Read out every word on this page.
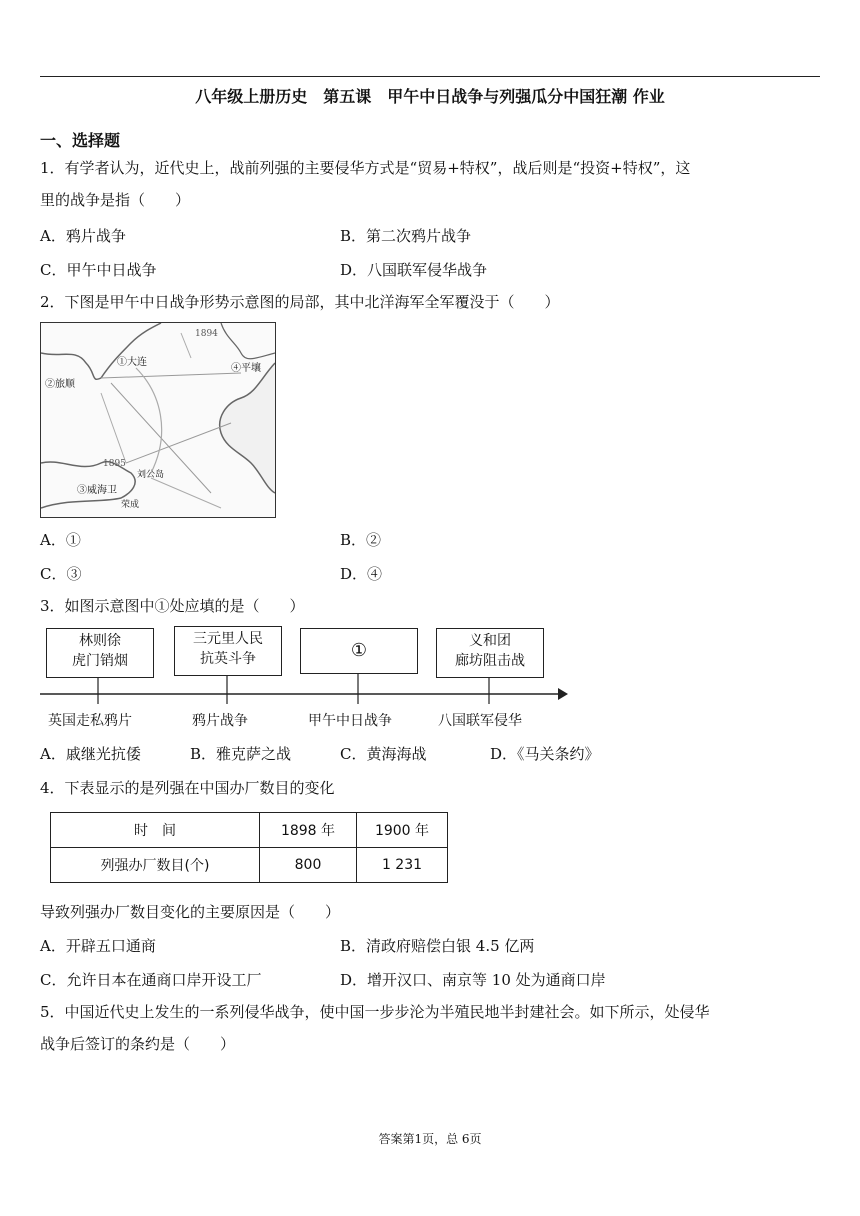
八年级上册历史　第五课　甲午中日战争与列强瓜分中国狂潮 作业
一、选择题
1．有学者认为，近代史上，战前列强的主要侵华方式是“贸易+特权”，战后则是“投资+特权”，这
里的战争是指（　　）
A．鸦片战争	B．第二次鸦片战争
C．甲午中日战争	D．八国联军侵华战争
2．下图是甲午中日战争形势示意图的局部，其中北洋海军全军覆没于（　　）
①大连
②旅顺
③威海卫
④平壤
1894
1895
刘公岛
荣成
A．①	B．②
C．③	D．④
3．如图示意图中①处应填的是（　　）
林则徐
虎门销烟
三元里人民
抗英斗争	①	义和团
廊坊阻击战
英国走私鸦片	鸦片战争	甲午中日战争	八国联军侵华
A．戚继光抗倭	B．雅克萨之战	C．黄海海战	D．《马关条约》
4．下表显示的是列强在中国办厂数目的变化
时　间	1898 年	1900 年
列强办厂数目(个)	800	1 231
导致列强办厂数目变化的主要原因是（　　）
A．开辟五口通商	B．清政府赔偿白银 4.5 亿两
C．允许日本在通商口岸开设工厂	D．增开汉口、南京等 10 处为通商口岸
5．中国近代史上发生的一系列侵华战争，使中国一步步沦为半殖民地半封建社会。如下所示，处侵华
战争后签订的条约是（　　）
答案第1页，总 6页
